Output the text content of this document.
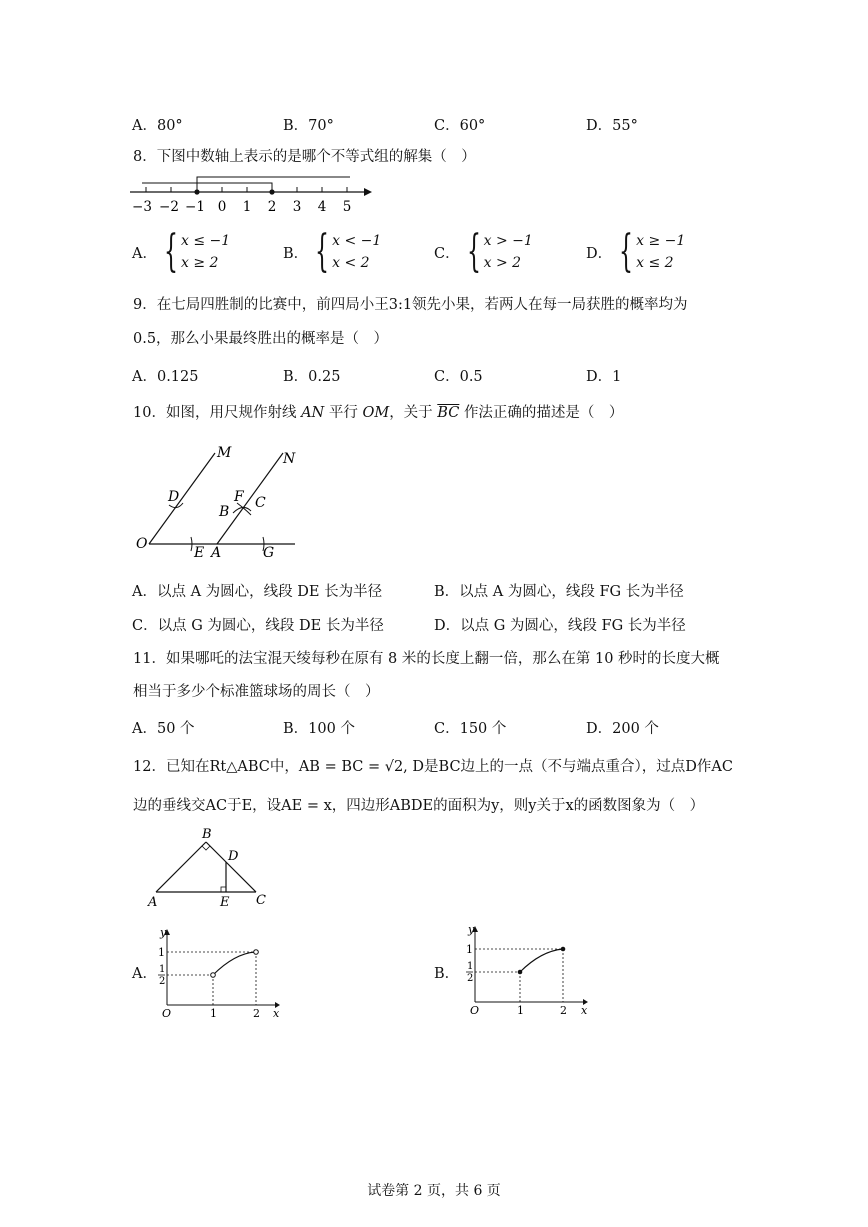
A．80°	B．70°	C．60°	D．55°
8．下图中数轴上表示的是哪个不等式组的解集（　）
−3 −2 −1 0 1 2 3 4 5
A． { x ≤ −1
x ≥ 2
B． { x < −1
x < 2
C． { x > −1
x > 2
D． { x ≥ −1
x ≤ 2
9．在七局四胜制的比赛中，前四局小王3:1领先小果，若两人在每一局获胜的概率均为
0.5，那么小果最终胜出的概率是（　）
A．0.125	B．0.25	C．0.5	D．1
10．如图，用尺规作射线 AN 平行 OM，关于 $\overline{BC}$ 作法正确的描述是（　）
M	N
D	F C
B
O
E A	G
A．以点 A 为圆心，线段 DE 长为半径	B．以点 A 为圆心，线段 FG 长为半径
C．以点 G 为圆心，线段 DE 长为半径	D．以点 G 为圆心，线段 FG 长为半径
11．如果哪吒的法宝混天绫每秒在原有 8 米的长度上翻一倍，那么在第 10 秒时的长度大概
相当于多少个标准篮球场的周长（　）
A．50 个	B．100 个	C．150 个	D．200 个
12．已知在Rt△ABC中，AB = BC = √2, D是BC边上的一点（不与端点重合），过点D作AC
边的垂线交AC于E，设AE = x，四边形ABDE的面积为y，则y关于x的函数图象为（　）
B
D
A	E C
A．
y
x
O
1
1
2
1	2
B．
y
x
O
1
1
2
1	2
试卷第 2 页，共 6 页
